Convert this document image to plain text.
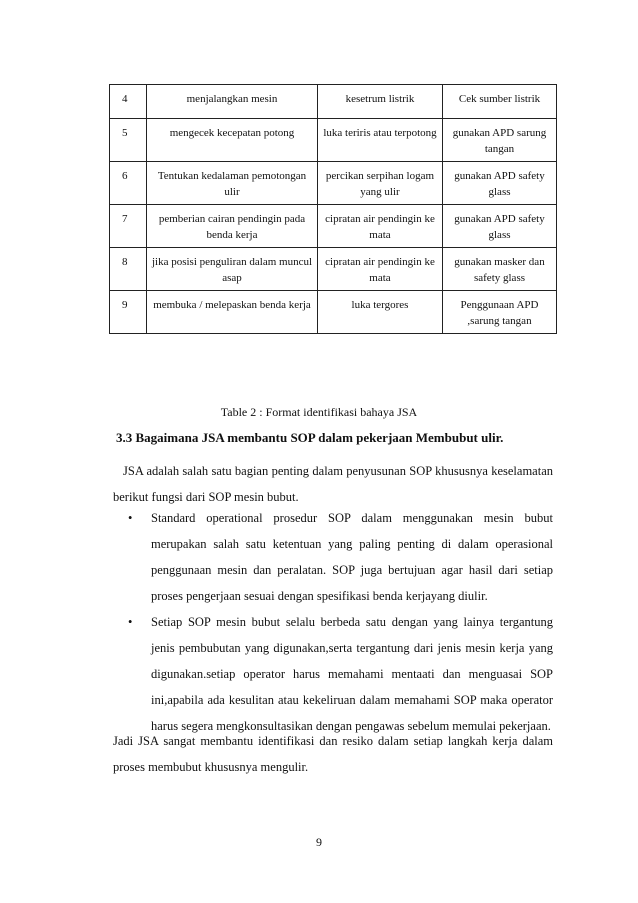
4	menjalangkan mesin	kesetrum listrik	Cek sumber listrik
5	mengecek kecepatan potong	luka teriris atau terpotong	gunakan APD sarung tangan
6	Tentukan kedalaman pemotongan ulir	percikan serpihan logam yang ulir	gunakan APD safety glass
7	pemberian cairan pendingin pada benda kerja	cipratan air pendingin ke mata	gunakan APD safety glass
8	jika posisi penguliran dalam muncul asap	cipratan air pendingin ke mata	gunakan masker dan safety glass
9	membuka / melepaskan benda kerja	luka tergores	Penggunaan APD ,sarung tangan
Table 2 : Format identifikasi bahaya JSA
3.3 Bagaimana JSA membantu SOP dalam pekerjaan Membubut ulir.

JSA adalah salah satu bagian penting dalam penyusunan SOP khususnya keselamatan berikut fungsi dari SOP mesin bubut.

• Standard operational prosedur SOP dalam menggunakan mesin bubut merupakan salah satu ketentuan yang paling penting di dalam operasional penggunaan mesin dan peralatan. SOP juga bertujuan agar hasil dari setiap proses pengerjaan sesuai dengan spesifikasi benda kerjayang diulir.
• Setiap SOP mesin bubut selalu berbeda satu dengan yang lainya tergantung jenis pembubutan yang digunakan,serta tergantung dari jenis mesin kerja yang digunakan.setiap operator harus memahami mentaati dan menguasai SOP ini,apabila ada kesulitan atau kekeliruan dalam memahami SOP maka operator harus segera mengkonsultasikan dengan pengawas sebelum memulai pekerjaan.

Jadi JSA sangat membantu identifikasi dan resiko dalam setiap langkah kerja dalam proses membubut khususnya mengulir.

9
